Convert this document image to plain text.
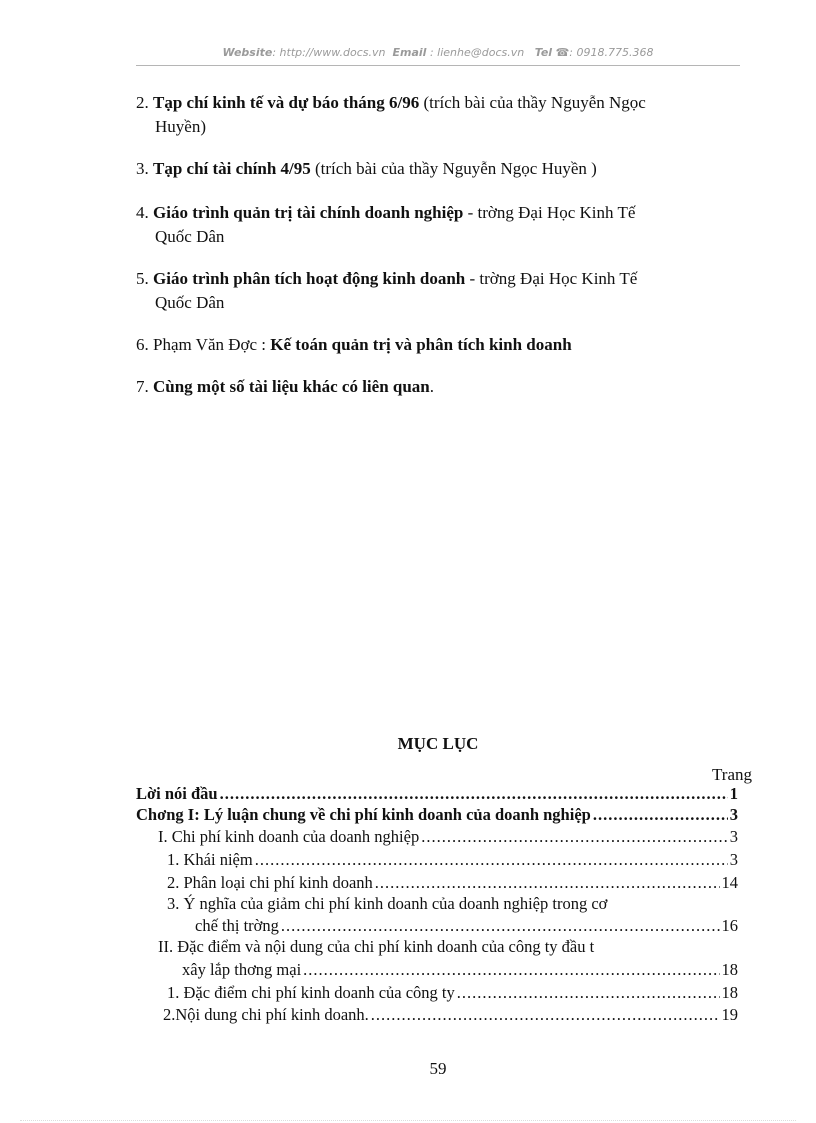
Website: http://www.docs.vn Email : lienhe@docs.vn Tel ☎: 0918.775.368
2. Tạp chí kinh tế và dự báo tháng 6/96 (trích bài của thầy Nguyễn Ngọc
Huyền)
3. Tạp chí tài chính 4/95 (trích bài của thầy Nguyễn Ngọc Huyền )
4. Giáo trình quản trị tài chính doanh nghiệp - trờng Đại Học Kinh Tế
Quốc Dân
5. Giáo trình phân tích hoạt động kinh doanh - trờng Đại Học Kinh Tế
Quốc Dân
6. Phạm Văn Đợc : Kế toán quản trị và phân tích kinh doanh
7. Cùng một số tài liệu khác có liên quan.
MỤC LỤC
Trang
Lời nói đầu .....	1
Chơng I: Lý luận chung về chi phí kinh doanh của doanh nghiệp .....	3
I. Chi phí kinh doanh của doanh nghiệp .....	3
1. Khái niệm .....	3
2. Phân loại chi phí kinh doanh .....	14
3. Ý nghĩa của giảm chi phí kinh doanh của doanh nghiệp trong cơ
chế thị trờng .....	16
II. Đặc điểm và nội dung của chi phí kinh doanh của công ty đầu t
xây lắp thơng mại .....	18
1. Đặc điểm chi phí kinh doanh của công ty .....	18
2.Nội dung chi phí kinh doanh. .....	19
59
